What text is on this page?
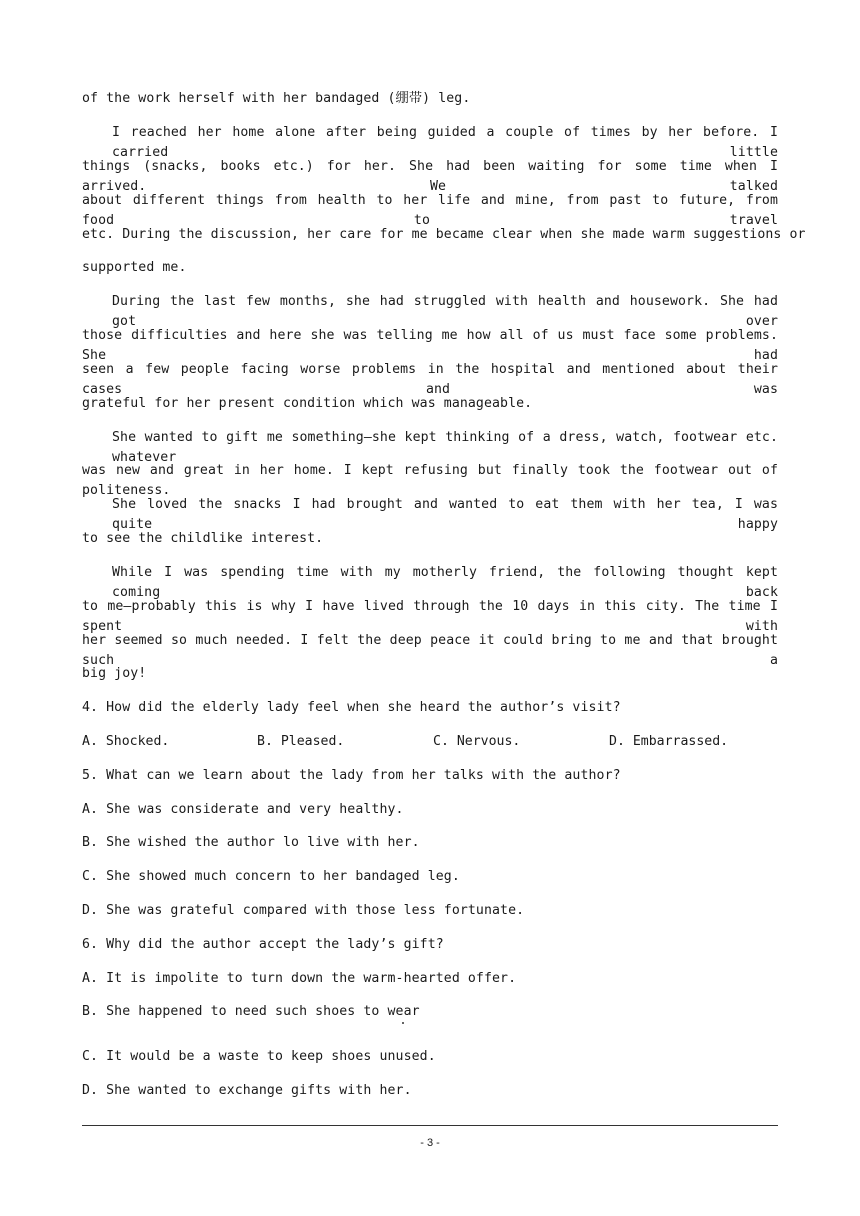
of the work herself with her bandaged (绷带) leg.
I reached her home alone after being guided a couple of times by her before. I carried little
things (snacks, books etc.) for her. She had been waiting for some time when I arrived. We talked
about different things from health to her life and mine, from past to future, from food to travel
etc. During the discussion, her care for me became clear when she made warm suggestions or
supported me.
During the last few months, she had struggled with health and housework. She had got over
those difficulties and here she was telling me how all of us must face some problems. She had
seen a few people facing worse problems in the hospital and mentioned about their cases and was
grateful for her present condition which was manageable.
She wanted to gift me something—she kept thinking of a dress, watch, footwear etc. whatever
was new and great in her home. I kept refusing but finally took the footwear out of politeness.
She loved the snacks I had brought and wanted to eat them with her tea, I was quite happy
to see the childlike interest.
While I was spending time with my motherly friend, the following thought kept coming back
to me—probably this is why I have lived through the 10 days in this city. The time I spent with
her seemed so much needed. I felt the deep peace it could bring to me and that brought such a
big joy!
4. How did the elderly lady feel when she heard the author’s visit?
A. Shocked.	B. Pleased.	C. Nervous.	D. Embarrassed.
5. What can we learn about the lady from her talks with the author?
A. She was considerate and very healthy.
B. She wished the author lo live with her.
C. She showed much concern to her bandaged leg.
D. She was grateful compared with those less fortunate.
6. Why did the author accept the lady’s gift?
A. It is impolite to turn down the warm-hearted offer.
B. She happened to need such shoes to wear
C. It would be a waste to keep shoes unused.
D. She wanted to exchange gifts with her.
- 3 -
